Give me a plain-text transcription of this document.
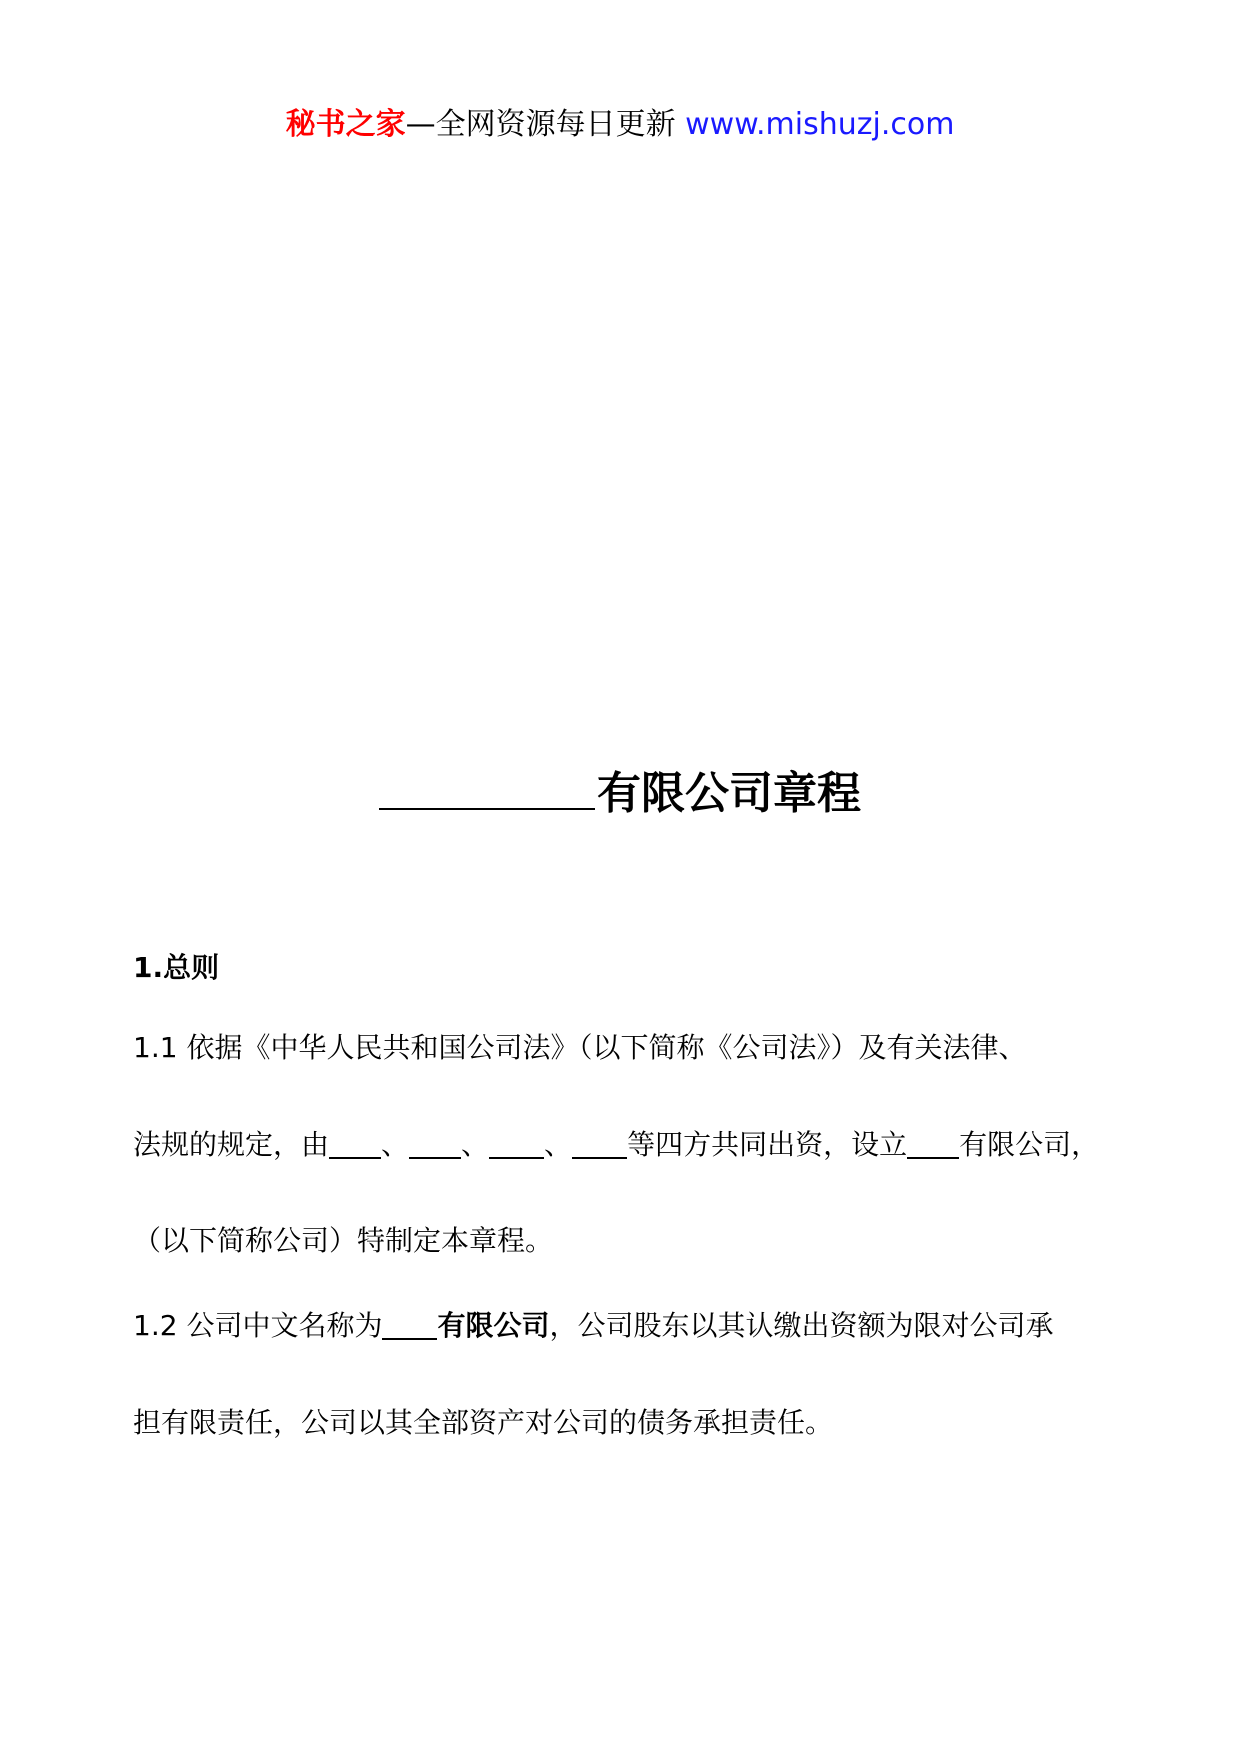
秘书之家—全网资源每日更新 www.mishuzj.com
有限公司章程
1.总则
1.1 依据《中华人民共和国公司法》（以下简称《公司法》）及有关法律、
法规的规定，由 、 、 、 等四方共同出资，设立 有限公司，
（以下简称公司）特制定本章程。
1.2 公司中文名称为 有限公司，公司股东以其认缴出资额为限对公司承
担有限责任，公司以其全部资产对公司的债务承担责任。
